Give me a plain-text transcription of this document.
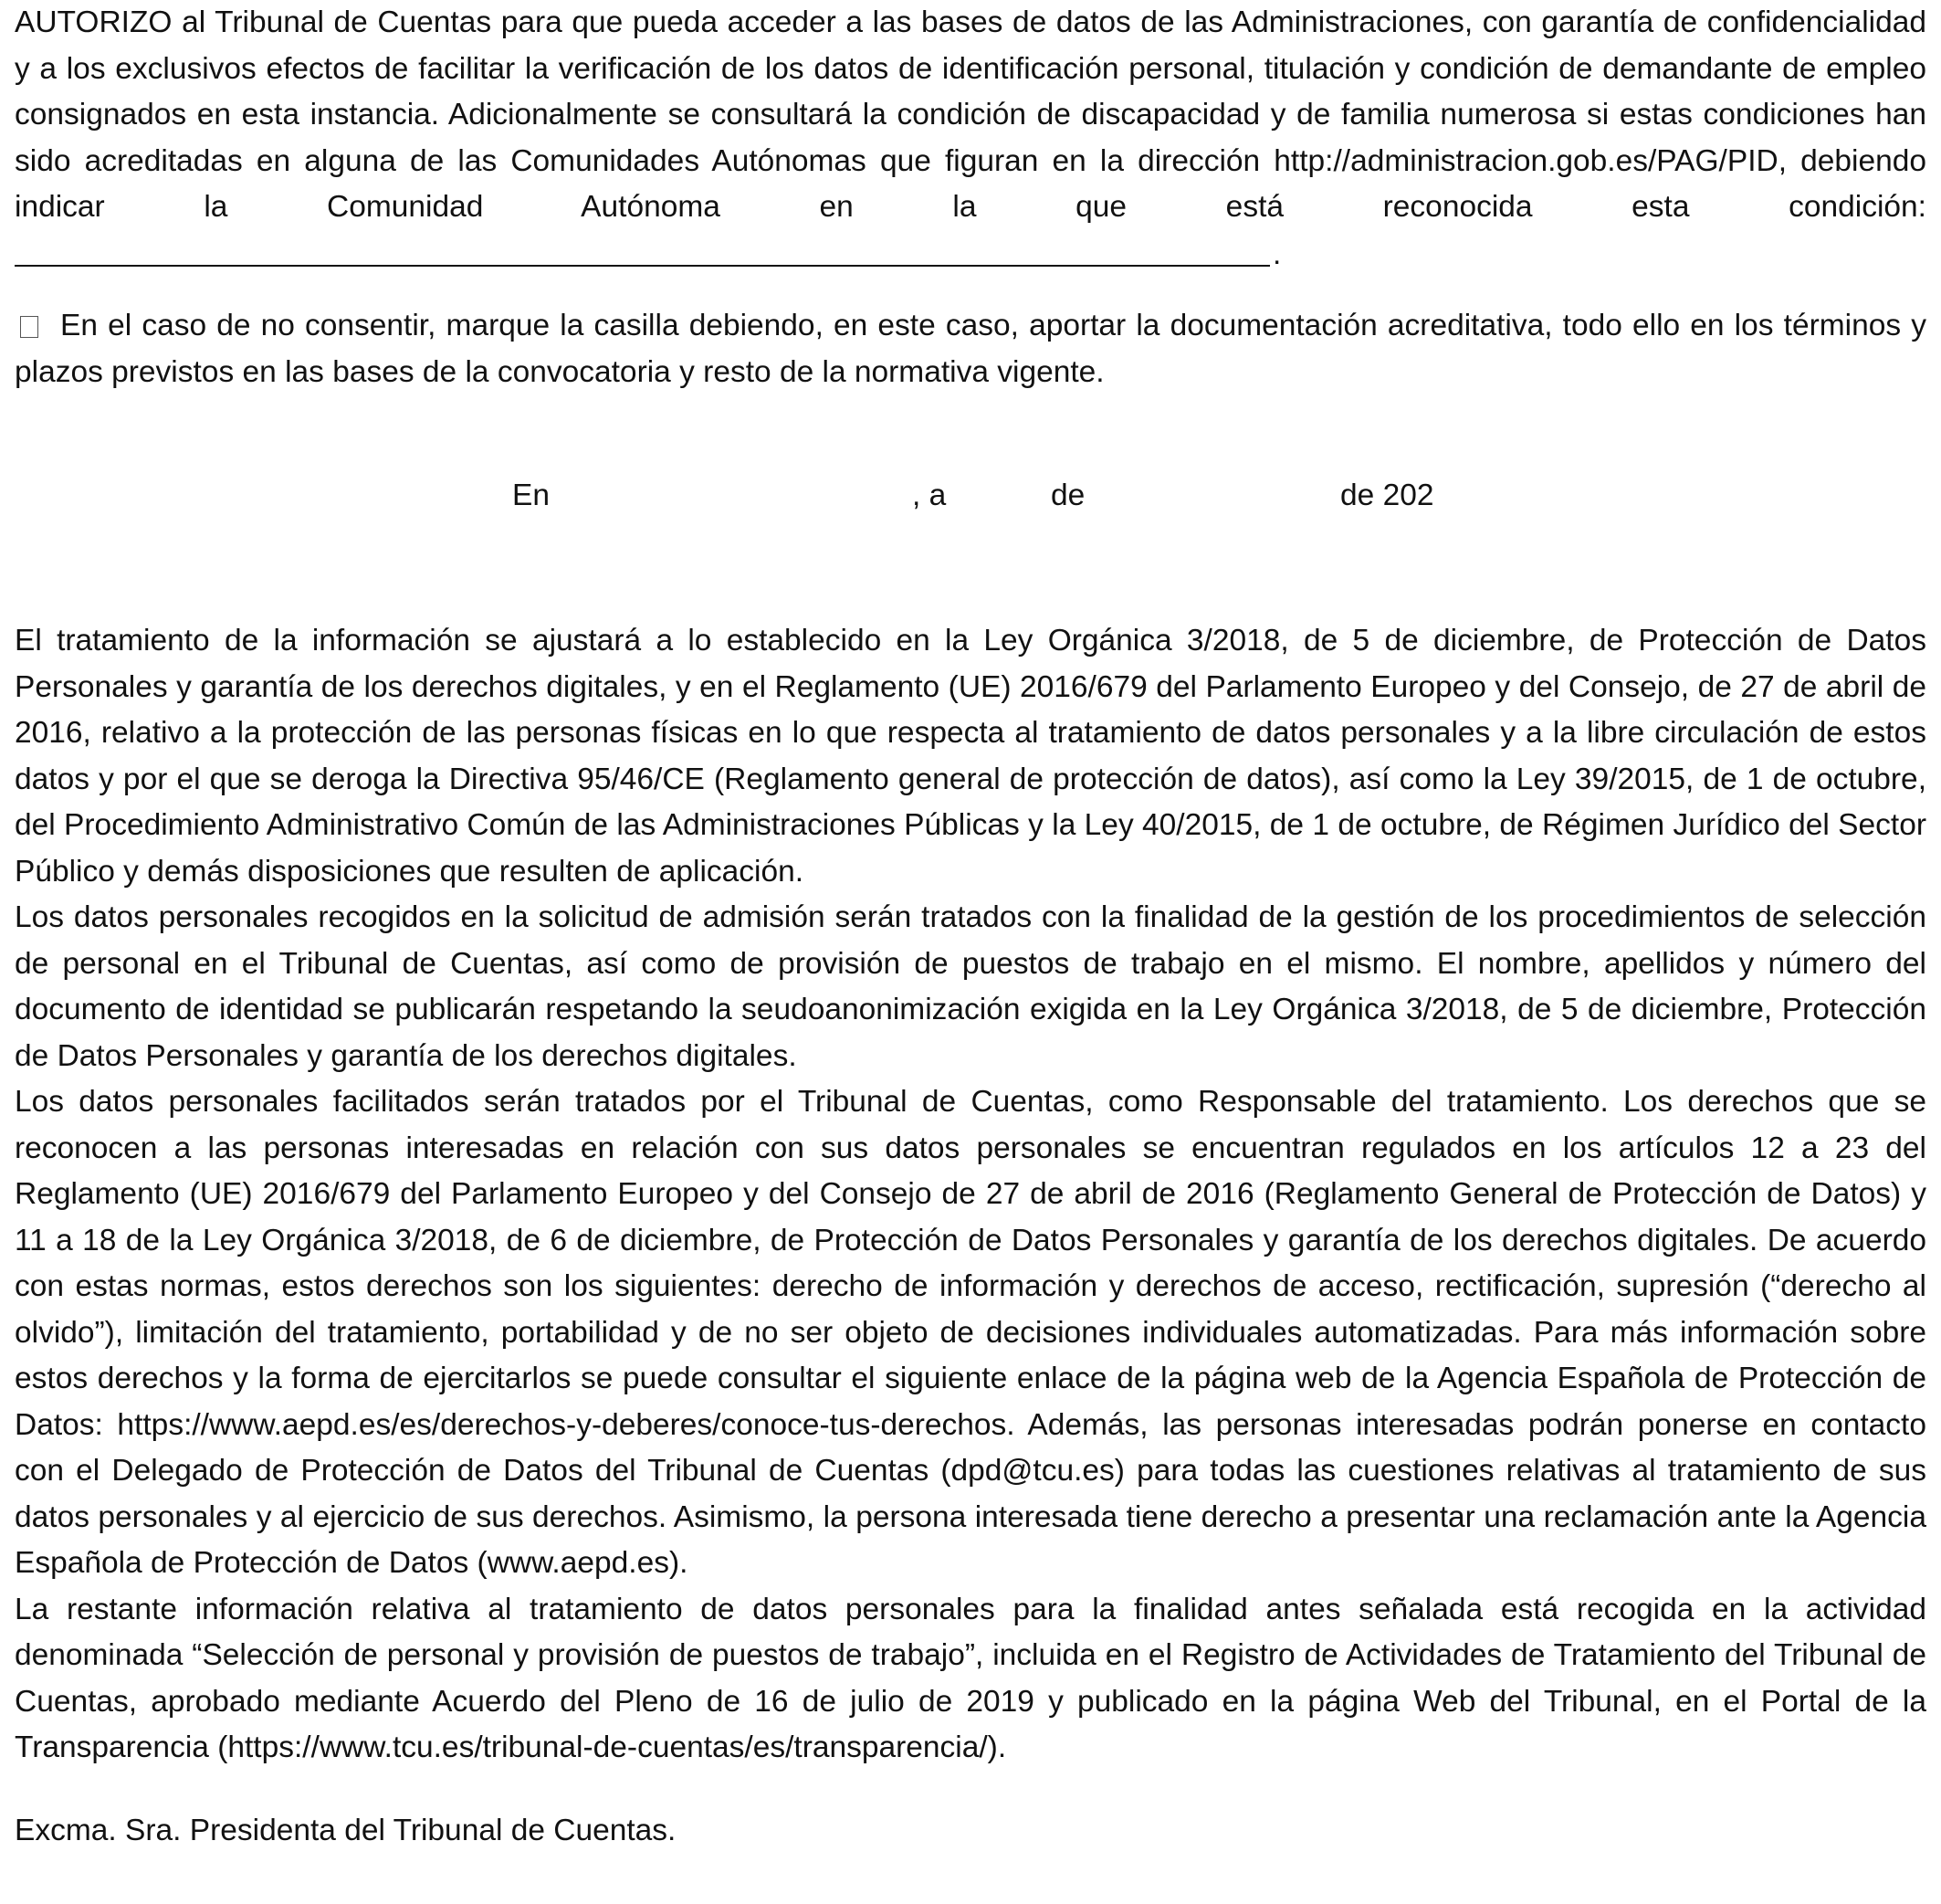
AUTORIZO al Tribunal de Cuentas para que pueda acceder a las bases de datos de las Administraciones, con garantía de confidencialidad y a los exclusivos efectos de facilitar la verificación de los datos de identificación personal, titulación y condición de demandante de empleo consignados en esta instancia. Adicionalmente se consultará la condición de discapacidad y de familia numerosa si estas condiciones han sido acreditadas en alguna de las Comunidades Autónomas que figuran en la dirección http://administracion.gob.es/PAG/PID, debiendo indicar la Comunidad Autónoma en la que está reconocida esta condición:

.

En el caso de no consentir, marque la casilla debiendo, en este caso, aportar la documentación acreditativa, todo ello en los términos y plazos previstos en las bases de la convocatoria y resto de la normativa vigente.

En	, a	de	de 202

El tratamiento de la información se ajustará a lo establecido en la Ley Orgánica 3/2018, de 5 de diciembre, de Protección de Datos Personales y garantía de los derechos digitales, y en el Reglamento (UE) 2016/679 del Parlamento Europeo y del Consejo, de 27 de abril de 2016, relativo a la protección de las personas físicas en lo que respecta al tratamiento de datos personales y a la libre circulación de estos datos y por el que se deroga la Directiva 95/46/CE (Reglamento general de protección de datos), así como la Ley 39/2015, de 1 de octubre, del Procedimiento Administrativo Común de las Administraciones Públicas y la Ley 40/2015, de 1 de octubre, de Régimen Jurídico del Sector Público y demás disposiciones que resulten de aplicación.

Los datos personales recogidos en la solicitud de admisión serán tratados con la finalidad de la gestión de los procedimientos de selección de personal en el Tribunal de Cuentas, así como de provisión de puestos de trabajo en el mismo. El nombre, apellidos y número del documento de identidad se publicarán respetando la seudoanonimización exigida en la Ley Orgánica 3/2018, de 5 de diciembre, Protección de Datos Personales y garantía de los derechos digitales.

Los datos personales facilitados serán tratados por el Tribunal de Cuentas, como Responsable del tratamiento. Los derechos que se reconocen a las personas interesadas en relación con sus datos personales se encuentran regulados en los artículos 12 a 23 del Reglamento (UE) 2016/679 del Parlamento Europeo y del Consejo de 27 de abril de 2016 (Reglamento General de Protección de Datos) y 11 a 18 de la Ley Orgánica 3/2018, de 6 de diciembre, de Protección de Datos Personales y garantía de los derechos digitales. De acuerdo con estas normas, estos derechos son los siguientes: derecho de información y derechos de acceso, rectificación, supresión (“derecho al olvido”), limitación del tratamiento, portabilidad y de no ser objeto de decisiones individuales automatizadas. Para más información sobre estos derechos y la forma de ejercitarlos se puede consultar el siguiente enlace de la página web de la Agencia Española de Protección de Datos: https://www.aepd.es/es/derechos-y-deberes/conoce-tus-derechos. Además, las personas interesadas podrán ponerse en contacto con el Delegado de Protección de Datos del Tribunal de Cuentas (dpd@tcu.es) para todas las cuestiones relativas al tratamiento de sus datos personales y al ejercicio de sus derechos. Asimismo, la persona interesada tiene derecho a presentar una reclamación ante la Agencia Española de Protección de Datos (www.aepd.es).

La restante información relativa al tratamiento de datos personales para la finalidad antes señalada está recogida en la actividad denominada “Selección de personal y provisión de puestos de trabajo”, incluida en el Registro de Actividades de Tratamiento del Tribunal de Cuentas, aprobado mediante Acuerdo del Pleno de 16 de julio de 2019 y publicado en la página Web del Tribunal, en el Portal de la Transparencia (https://www.tcu.es/tribunal-de-cuentas/es/transparencia/).

Excma. Sra. Presidenta del Tribunal de Cuentas.
